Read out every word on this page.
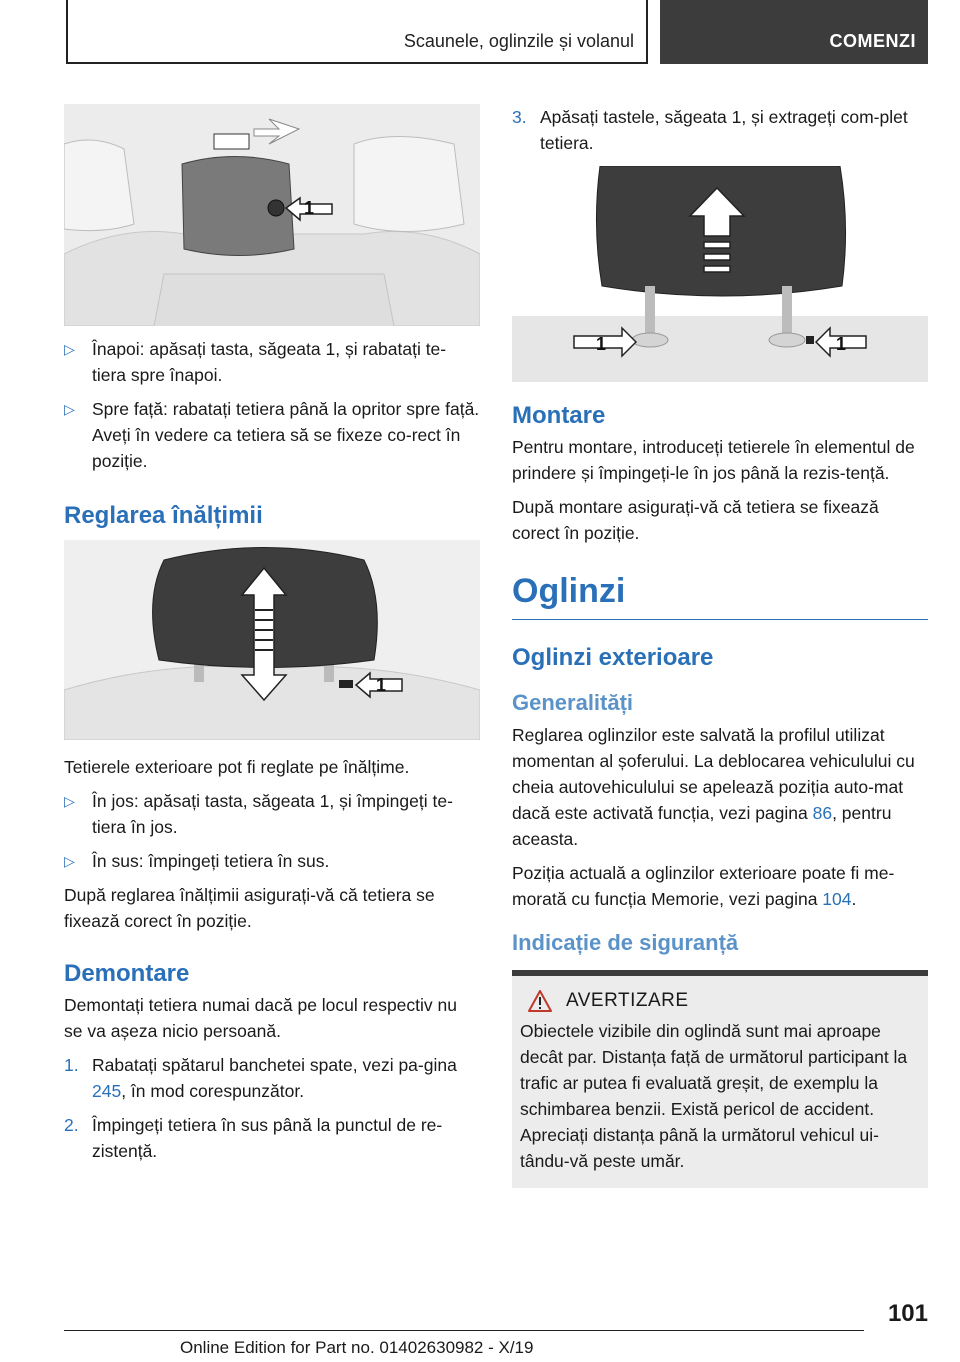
Scaunele, oglinzile și volanul	COMENZI
1
▷ Înapoi: apăsați tasta, săgeata 1, și rabatați te‐tiera spre înapoi.
▷ Spre față: rabatați tetiera până la opritor spre față. Aveți în vedere ca tetiera să se fixeze co‐rect în poziție.
Reglarea înălțimii
1

Tetierele exterioare pot fi reglate pe înălțime.

▷ În jos: apăsați tasta, săgeata 1, și împingeți te‐tiera în jos.
▷ În sus: împingeți tetiera în sus.

După reglarea înălțimii asigurați-vă că tetiera se fixează corect în poziție.

Demontare

Demontați tetiera numai dacă pe locul respectiv nu se va așeza nicio persoană.

1. Rabatați spătarul banchetei spate, vezi pa‐gina 245, în mod corespunzător.
2. Împingeți tetiera în sus până la punctul de re‐zistență.
3. Apăsați tastele, săgeata 1, și extrageți com‐plet tetiera.
1	1
Montare

Pentru montare, introduceți tetierele în elementul de prindere și împingeți-le în jos până la rezis‐tență.

După montare asigurați-vă că tetiera se fixează corect în poziție.

Oglinzi
Oglinzi exterioare
Generalități

Reglarea oglinzilor este salvată la profilul utilizat momentan al șoferului. La deblocarea vehiculului cu cheia autovehiculului se apelează poziția auto‐mat dacă este activată funcția, vezi pagina 86, pentru aceasta.

Poziția actuală a oglinzilor exterioare poate fi me‐morată cu funcția Memorie, vezi pagina 104.

Indicație de siguranță
AVERTIZARE

Obiectele vizibile din oglindă sunt mai aproape decât par. Distanța față de următorul participant la trafic ar putea fi evaluată greșit, de exemplu la schimbarea benzii. Există pericol de accident. Apreciați distanța până la următorul vehicul ui‐tându-vă peste umăr.

101
Online Edition for Part no. 01402630982 - X/19
